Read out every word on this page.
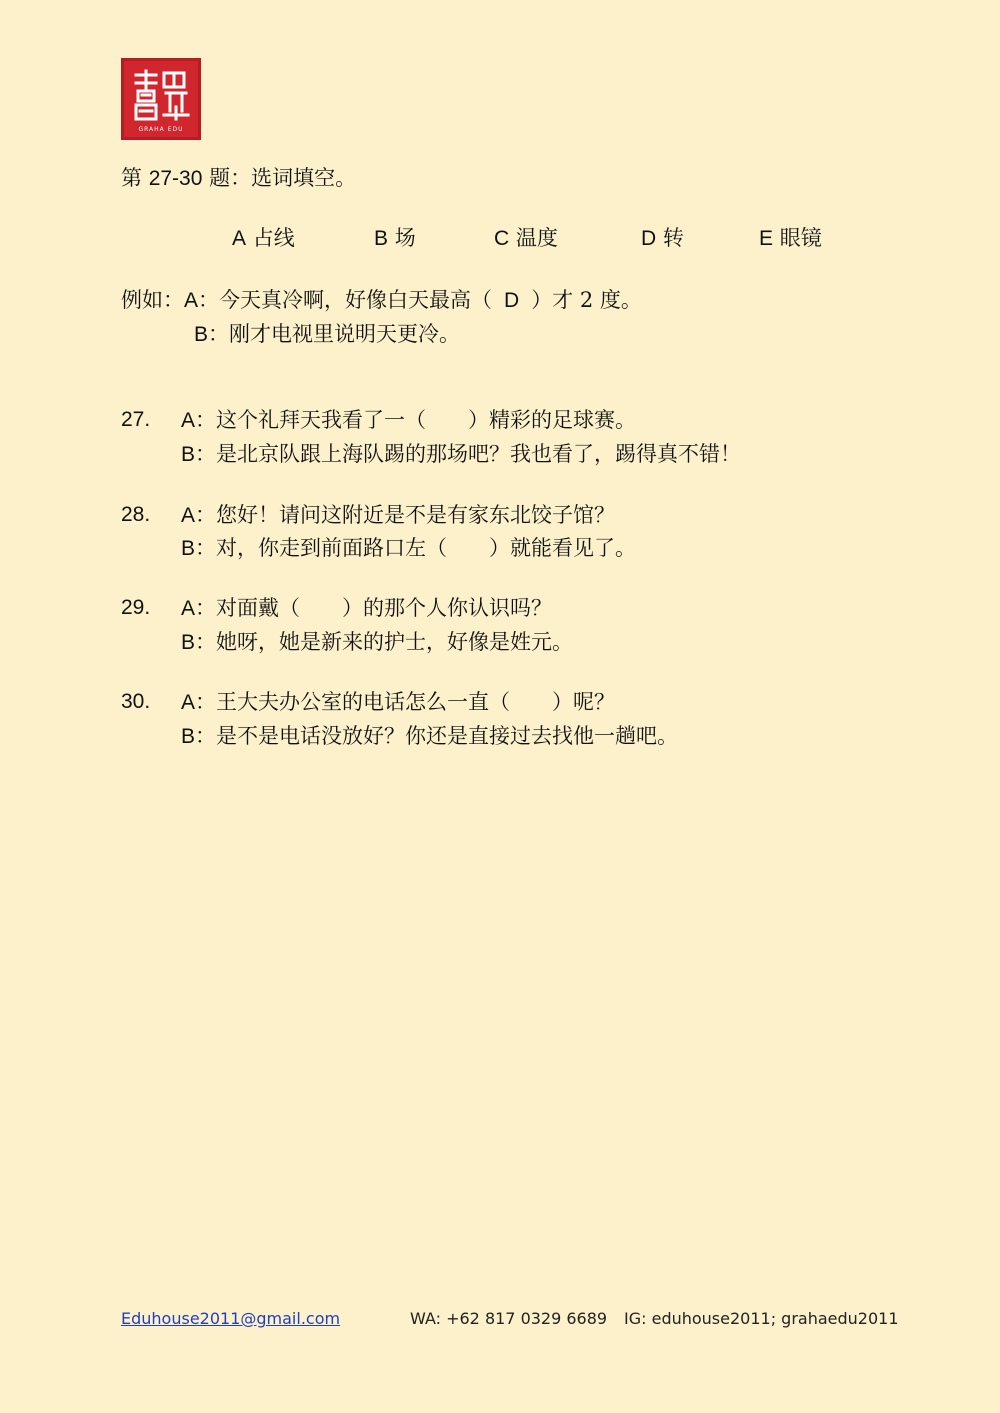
GRAHA EDU
第 27-30 题：选词填空。
A 占线	B 场	C 温度	D 转	E 眼镜
例如：A：今天真冷啊，好像白天最高（ D ）才 2 度。
B：刚才电视里说明天更冷。
27. A：这个礼拜天我看了一（　　）精彩的足球赛。
B：是北京队跟上海队踢的那场吧？我也看了，踢得真不错！
28. A：您好！请问这附近是不是有家东北饺子馆？
B：对，你走到前面路口左（　　）就能看见了。
29. A：对面戴（　　）的那个人你认识吗？
B：她呀，她是新来的护士，好像是姓元。
30. A：王大夫办公室的电话怎么一直（　　）呢？
B：是不是电话没放好？你还是直接过去找他一趟吧。
Eduhouse2011@gmail.com	WA: +62 817 0329 6689 IG: eduhouse2011; grahaedu2011
